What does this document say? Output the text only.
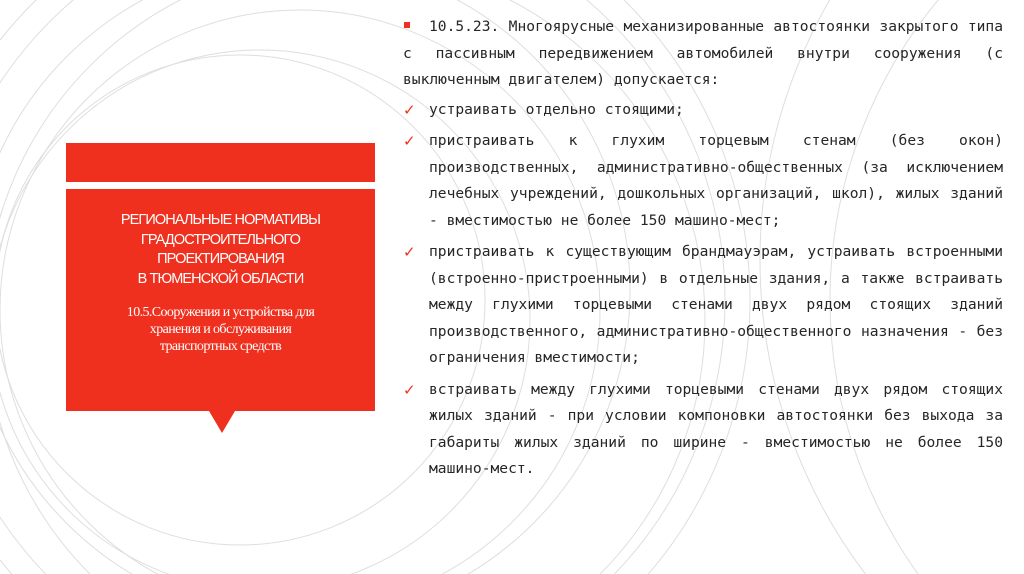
РЕГИОНАЛЬНЫЕ НОРМАТИВЫ
ГРАДОСТРОИТЕЛЬНОГО
ПРОЕКТИРОВАНИЯ
В ТЮМЕНСКОЙ ОБЛАСТИ
10.5.Сооружения и устройства для
хранения и обслуживания
транспортных средств

10.5.23. Многоярусные механизированные автостоянки закрытого типа с пассивным передвижением автомобилей внутри сооружения (с выключенным двигателем) допускается:

✓ устраивать отдельно стоящими;

✓ пристраивать к глухим торцевым стенам (без окон) производственных, административно-общественных (за исключением лечебных учреждений, дошкольных организаций, школ), жилых зданий - вместимостью не более 150 машино-мест;

✓ пристраивать к существующим брандмауэрам, устраивать встроенными (встроенно-пристроенными) в отдельные здания, а также встраивать между глухими торцевыми стенами двух рядом стоящих зданий производственного, административно-общественного назначения - без ограничения вместимости;

✓ встраивать между глухими торцевыми стенами двух рядом стоящих жилых зданий - при условии компоновки автостоянки без выхода за габариты жилых зданий по ширине - вместимостью не более 150 машино-мест.
